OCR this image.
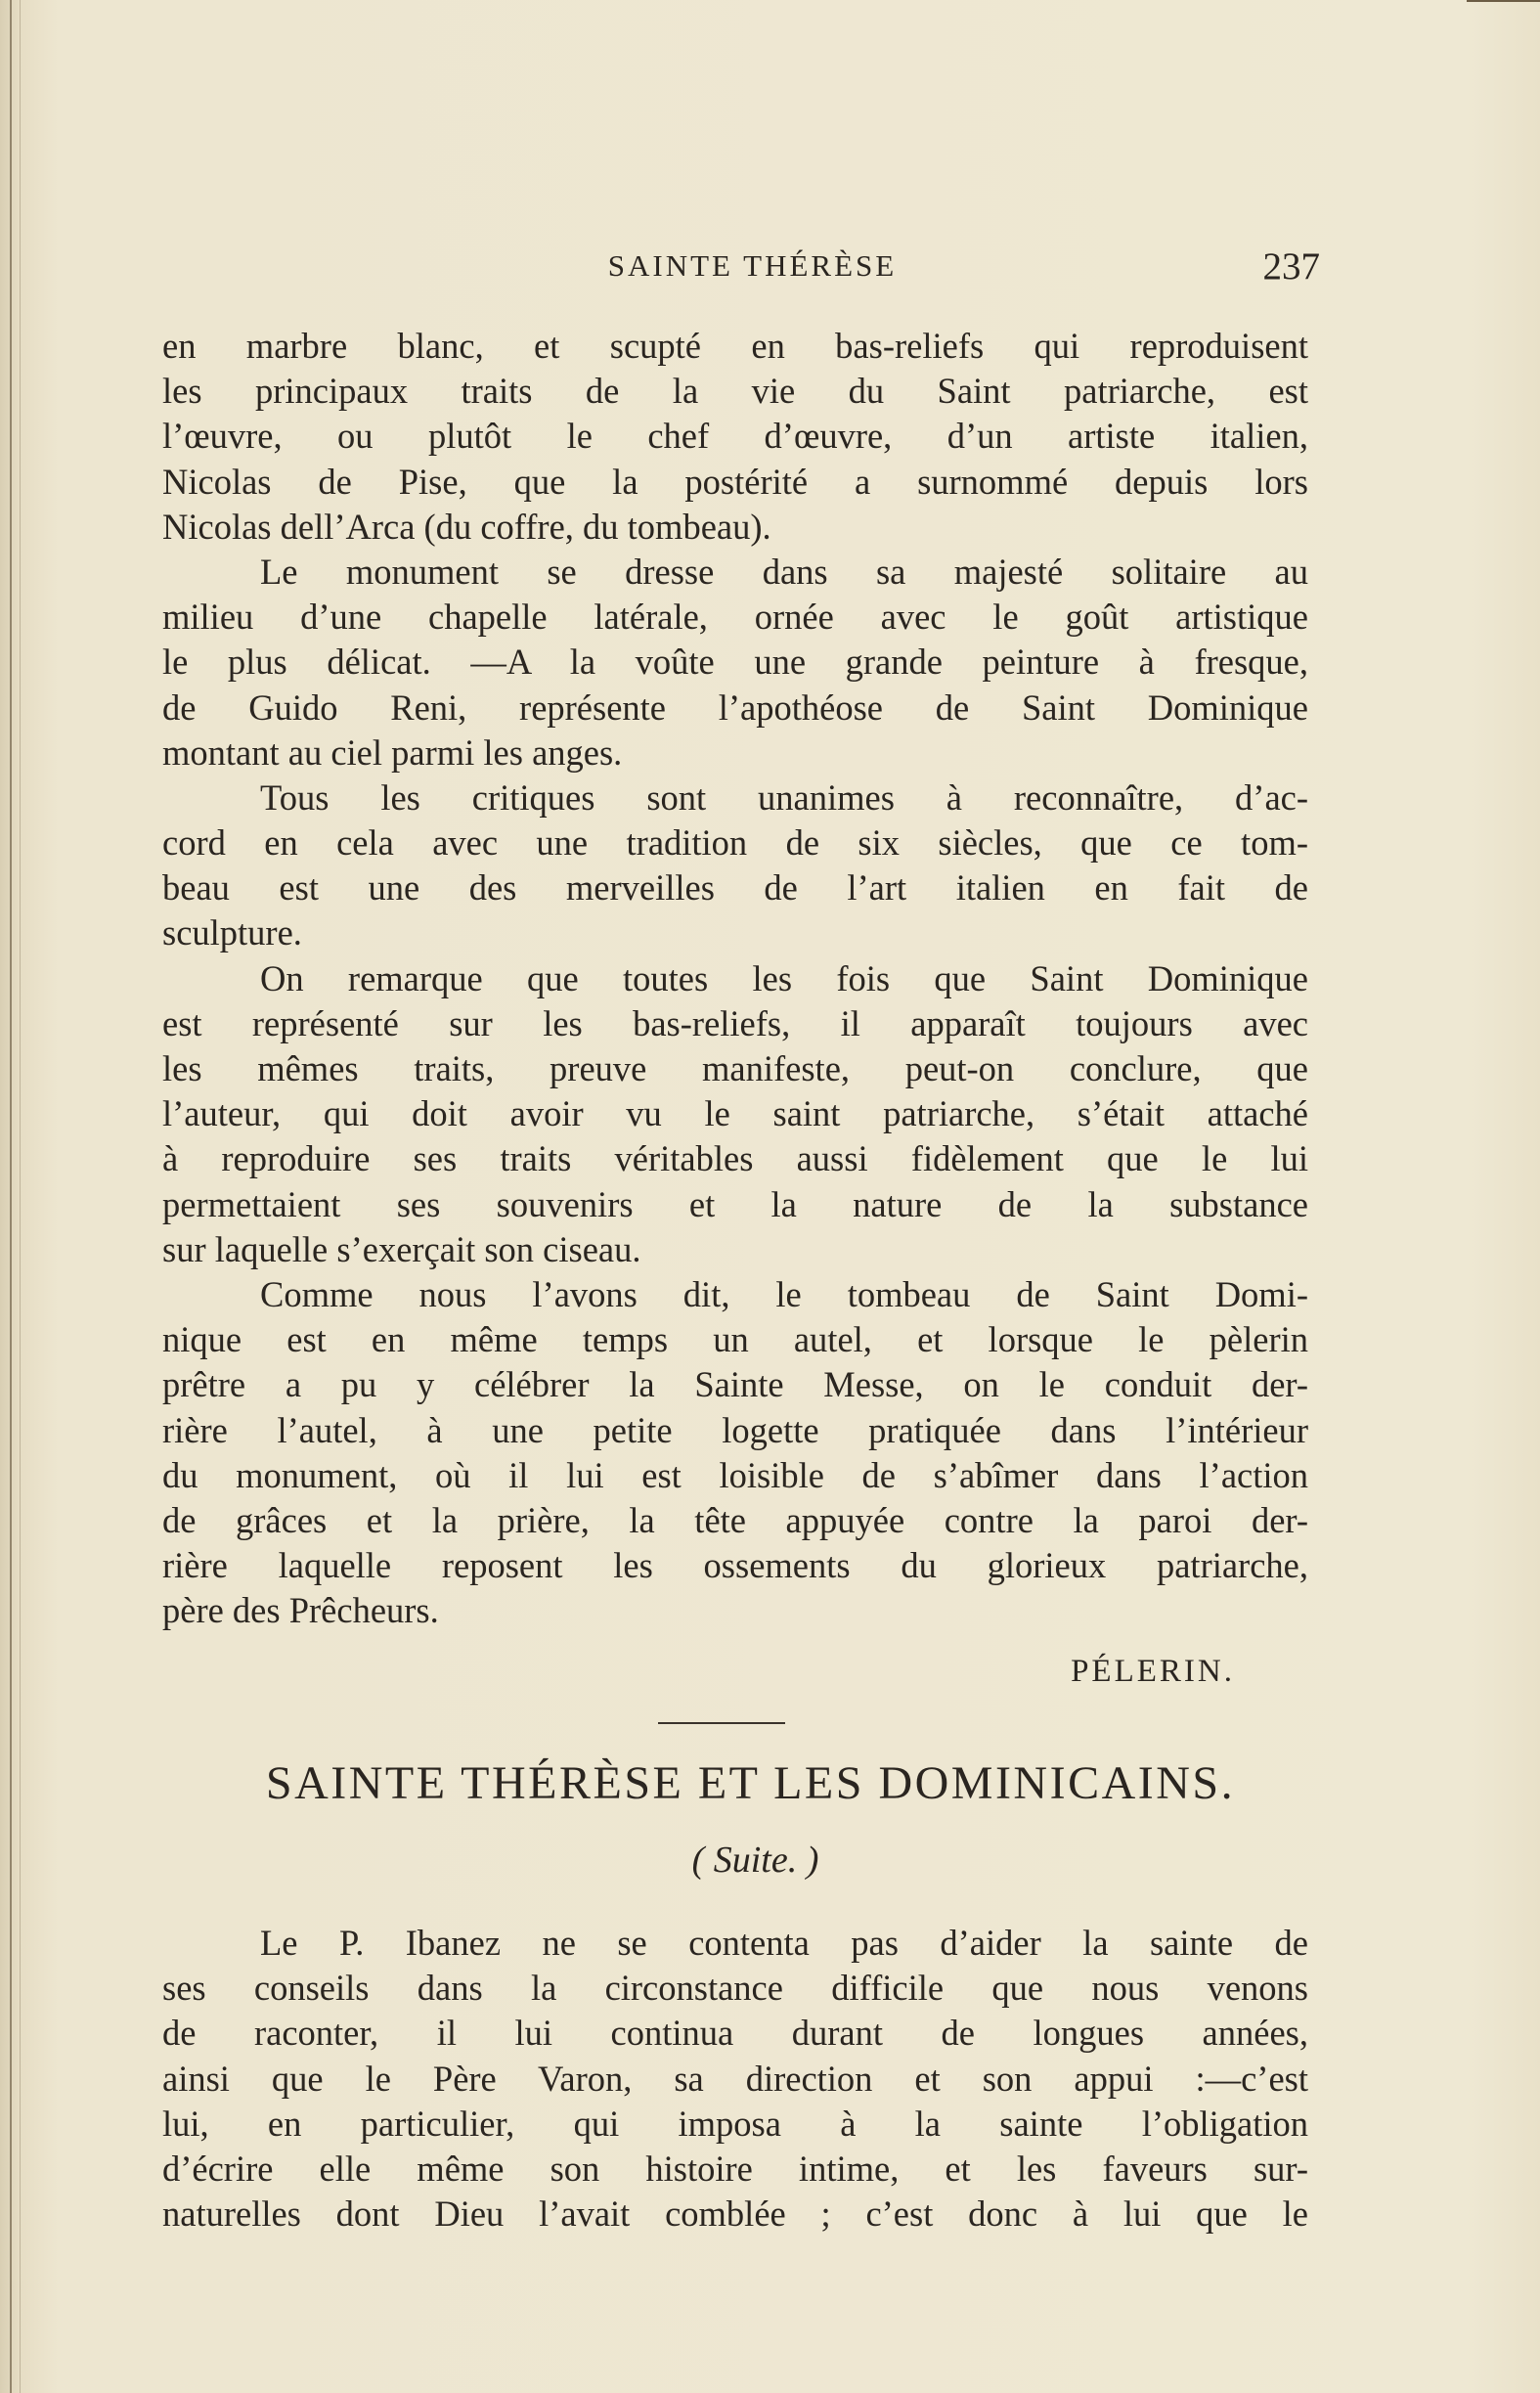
SAINTE THÉRÈSE	237
en marbre blanc, et scupté en bas-reliefs qui reproduisent
les principaux traits de la vie du Saint patriarche, est
l’œuvre, ou plutôt le chef d’œuvre, d’un artiste italien,
Nicolas de Pise, que la postérité a surnommé depuis lors
Nicolas dell’Arca (du coffre, du tombeau).
Le monument se dresse dans sa majesté solitaire au
milieu d’une chapelle latérale, ornée avec le goût artistique
le plus délicat. —A la voûte une grande peinture à fresque,
de Guido Reni, représente l’apothéose de Saint Dominique
montant au ciel parmi les anges.
Tous les critiques sont unanimes à reconnaître, d’ac-
cord en cela avec une tradition de six siècles, que ce tom-
beau est une des merveilles de l’art italien en fait de
sculpture.
On remarque que toutes les fois que Saint Dominique
est représenté sur les bas-reliefs, il apparaît toujours avec
les mêmes traits, preuve manifeste, peut-on conclure, que
l’auteur, qui doit avoir vu le saint patriarche, s’était attaché
à reproduire ses traits véritables aussi fidèlement que le lui
permettaient ses souvenirs et la nature de la substance
sur laquelle s’exerçait son ciseau.
Comme nous l’avons dit, le tombeau de Saint Domi-
nique est en même temps un autel, et lorsque le pèlerin
prêtre a pu y célébrer la Sainte Messe, on le conduit der-
rière l’autel, à une petite logette pratiquée dans l’intérieur
du monument, où il lui est loisible de s’abîmer dans l’action
de grâces et la prière, la tête appuyée contre la paroi der-
rière laquelle reposent les ossements du glorieux patriarche,
père des Prêcheurs.
PÉLERIN.
SAINTE THÉRÈSE ET LES DOMINICAINS.
( Suite. )
Le P. Ibanez ne se contenta pas d’aider la sainte de
ses conseils dans la circonstance difficile que nous venons
de raconter, il lui continua durant de longues années,
ainsi que le Père Varon, sa direction et son appui :—c’est
lui, en particulier, qui imposa à la sainte l’obligation
d’écrire elle même son histoire intime, et les faveurs sur-
naturelles dont Dieu l’avait comblée ; c’est donc à lui que le
